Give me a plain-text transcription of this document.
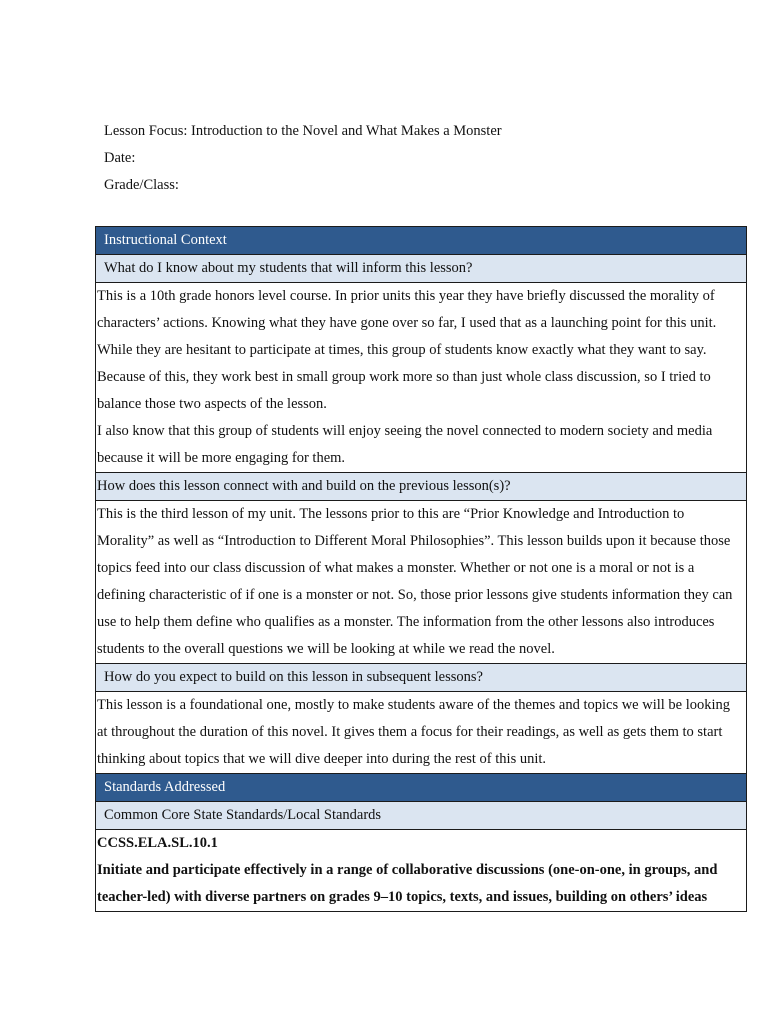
Lesson Focus: Introduction to the Novel and What Makes a Monster
Date:
Grade/Class:
Instructional Context
What do I know about my students that will inform this lesson?

This is a 10th grade honors level course. In prior units this year they have briefly discussed the morality of characters’ actions. Knowing what they have gone over so far, I used that as a launching point for this unit. While they are hesitant to participate at times, this group of students know exactly what they want to say. Because of this, they work best in small group work more so than just whole class discussion, so I tried to balance those two aspects of the lesson.

I also know that this group of students will enjoy seeing the novel connected to modern society and media because it will be more engaging for them.

How does this lesson connect with and build on the previous lesson(s)?

This is the third lesson of my unit. The lessons prior to this are “Prior Knowledge and Introduction to Morality” as well as “Introduction to Different Moral Philosophies”. This lesson builds upon it because those topics feed into our class discussion of what makes a monster. Whether or not one is a moral or not is a defining characteristic of if one is a monster or not. So, those prior lessons give students information they can use to help them define who qualifies as a monster. The information from the other lessons also introduces students to the overall questions we will be looking at while we read the novel.

How do you expect to build on this lesson in subsequent lessons?

This lesson is a foundational one, mostly to make students aware of the themes and topics we will be looking at throughout the duration of this novel. It gives them a focus for their readings, as well as gets them to start thinking about topics that we will dive deeper into during the rest of this unit.

Standards Addressed
Common Core State Standards/Local Standards

CCSS.ELA.SL.10.1

Initiate and participate effectively in a range of collaborative discussions (one-on-one, in groups, and teacher-led) with diverse partners on grades 9–10 topics, texts, and issues, building on others’ ideas
